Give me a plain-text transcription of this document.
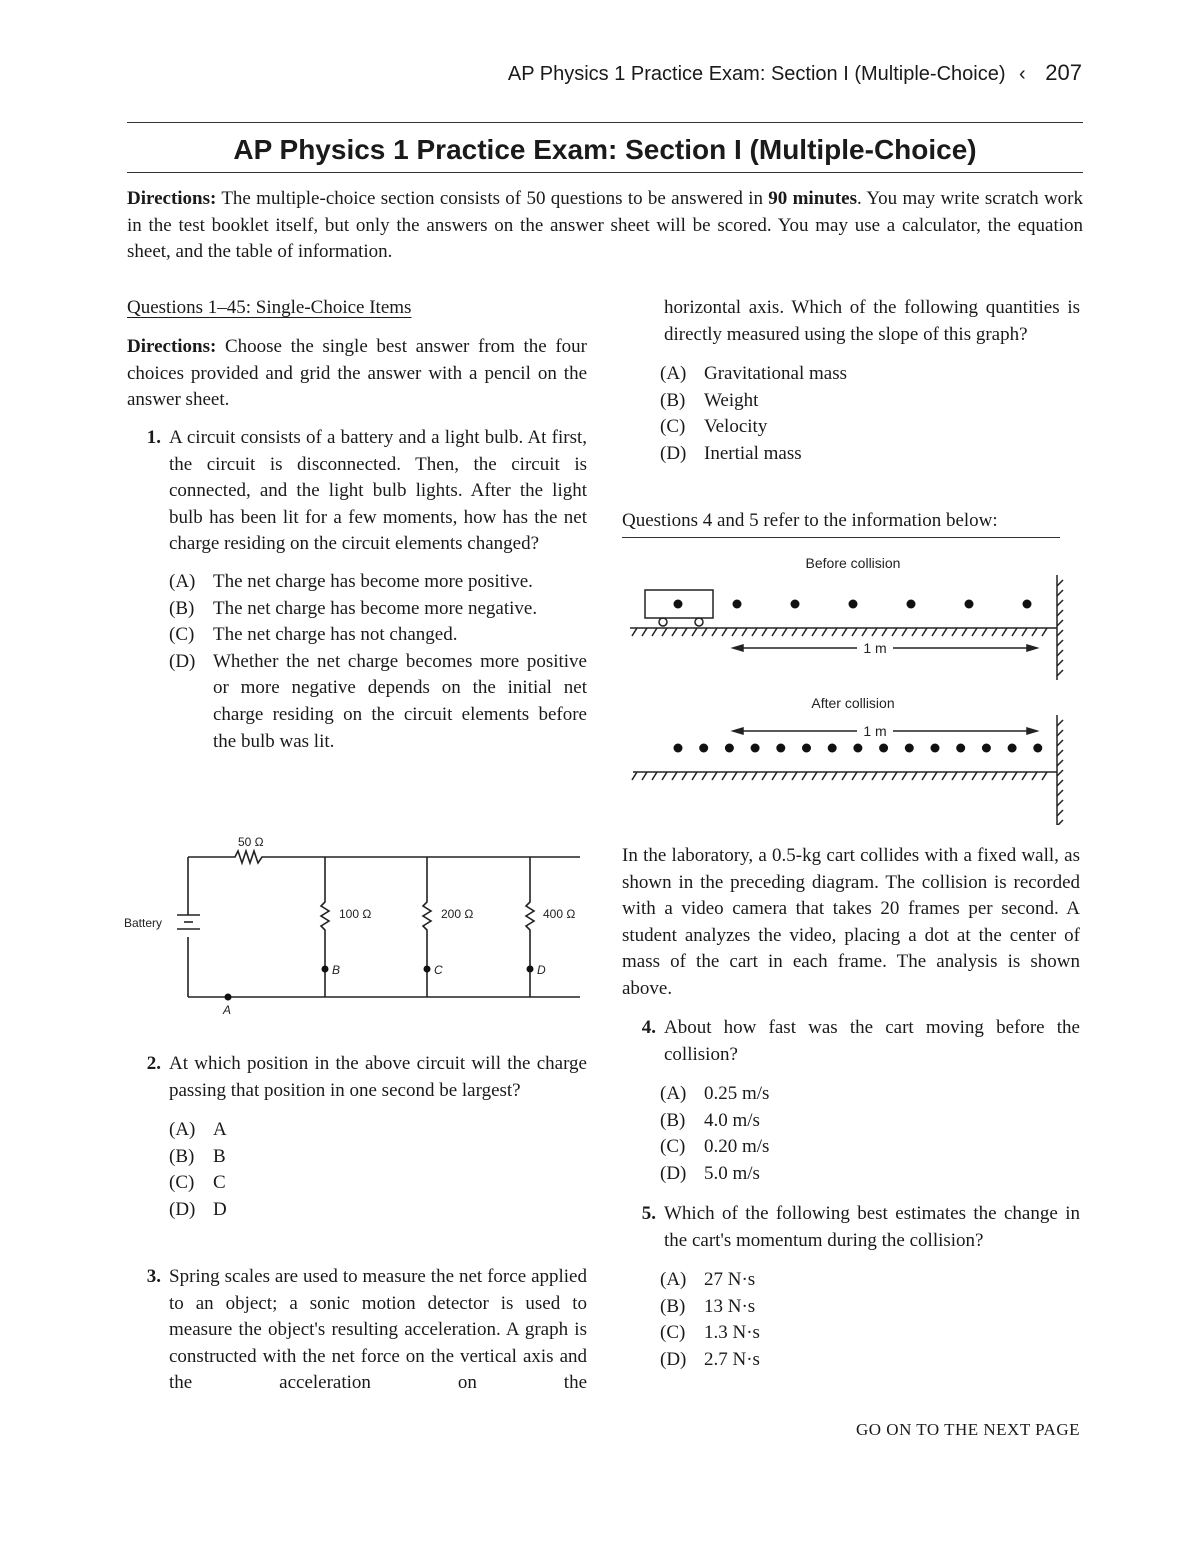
AP Physics 1 Practice Exam: Section I (Multiple-Choice) ‹ 207
AP Physics 1 Practice Exam: Section I (Multiple-Choice)
Directions: The multiple-choice section consists of 50 questions to be answered in 90 minutes. You may write scratch work in the test booklet itself, but only the answers on the answer sheet will be scored. You may use a calculator, the equation sheet, and the table of information.
Questions 1–45: Single-Choice Items
Directions: Choose the single best answer from the four choices provided and grid the answer with a pencil on the answer sheet.
1. A circuit consists of a battery and a light bulb. At first, the circuit is disconnected. Then, the circuit is connected, and the light bulb lights. After the light bulb has been lit for a few moments, how has the net charge residing on the circuit elements changed?
(A) The net charge has become more positive.
(B) The net charge has become more negative.
(C) The net charge has not changed.
(D) Whether the net charge becomes more positive or more negative depends on the initial net charge residing on the circuit elements before the bulb was lit.
50 Ω
100 Ω	200 Ω	400 Ω
Battery
A
B	C	D
2. At which position in the above circuit will the charge passing that position in one second be largest?
(A) A
(B) B
(C) C
(D) D
3. Spring scales are used to measure the net force applied to an object; a sonic motion detector is used to measure the object's resulting acceleration. A graph is constructed with the net force on the vertical axis and the acceleration on the
horizontal axis. Which of the following quantities is directly measured using the slope of this graph?
(A) Gravitational mass
(B) Weight
(C) Velocity
(D) Inertial mass
Questions 4 and 5 refer to the information below:
Before collision
1 m
After collision
1 m
In the laboratory, a 0.5-kg cart collides with a fixed wall, as shown in the preceding diagram. The collision is recorded with a video camera that takes 20 frames per second. A student analyzes the video, placing a dot at the center of mass of the cart in each frame. The analysis is shown above.
4. About how fast was the cart moving before the collision?
(A) 0.25 m/s
(B) 4.0 m/s
(C) 0.20 m/s
(D) 5.0 m/s
5. Which of the following best estimates the change in the cart's momentum during the collision?
(A) 27 N·s
(B) 13 N·s
(C) 1.3 N·s
(D) 2.7 N·s
GO ON TO THE NEXT PAGE
